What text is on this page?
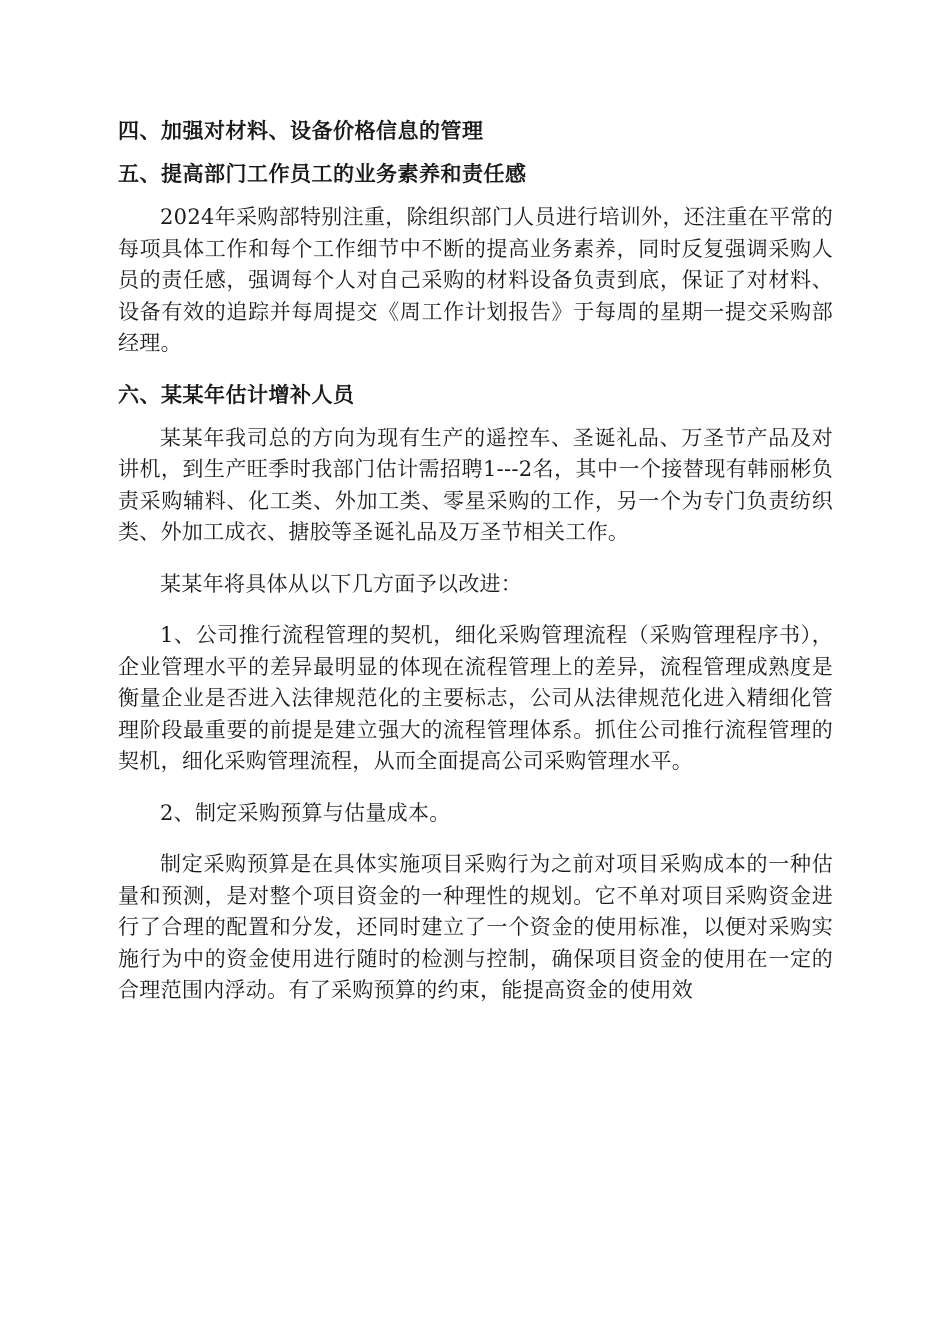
四、加强对材料、设备价格信息的管理
五、提高部门工作员工的业务素养和责任感

2024年采购部特别注重，除组织部门人员进行培训外，还注重在平常的每项具体工作和每个工作细节中不断的提高业务素养，同时反复强调采购人员的责任感，强调每个人对自己采购的材料设备负责到底，保证了对材料、设备有效的追踪并每周提交《周工作计划报告》于每周的星期一提交采购部经理。

六、某某年估计增补人员

某某年我司总的方向为现有生产的遥控车、圣诞礼品、万圣节产品及对讲机，到生产旺季时我部门估计需招聘1---2名，其中一个接替现有韩丽彬负责采购辅料、化工类、外加工类、零星采购的工作，另一个为专门负责纺织类、外加工成衣、搪胶等圣诞礼品及万圣节相关工作。

某某年将具体从以下几方面予以改进：

1、公司推行流程管理的契机，细化采购管理流程（采购管理程序书），企业管理水平的差异最明显的体现在流程管理上的差异，流程管理成熟度是衡量企业是否进入法律规范化的主要标志，公司从法律规范化进入精细化管理阶段最重要的前提是建立强大的流程管理体系。抓住公司推行流程管理的契机，细化采购管理流程，从而全面提高公司采购管理水平。

2、制定采购预算与估量成本。

制定采购预算是在具体实施项目采购行为之前对项目采购成本的一种估量和预测，是对整个项目资金的一种理性的规划。它不单对项目采购资金进行了合理的配置和分发，还同时建立了一个资金的使用标准，以便对采购实施行为中的资金使用进行随时的检测与控制，确保项目资金的使用在一定的合理范围内浮动。有了采购预算的约束，能提高资金的使用效
